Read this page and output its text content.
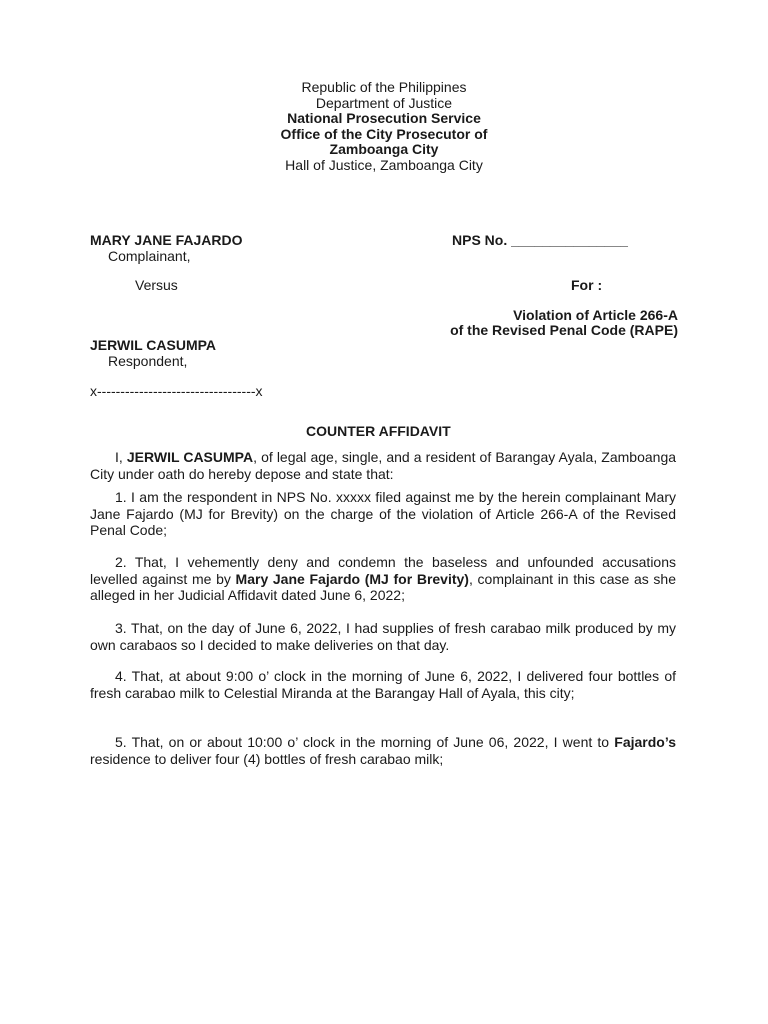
Republic of the Philippines
Department of Justice
National Prosecution Service
Office of the City Prosecutor of
Zamboanga City
Hall of Justice, Zamboanga City
MARY JANE FAJARDO
Complainant,
Versus
JERWIL CASUMPA
Respondent,
x----------------------------------x
NPS No. _______________
For :
Violation of Article 266-A
of the Revised Penal Code (RAPE)
COUNTER AFFIDAVIT
I, JERWIL CASUMPA, of legal age, single, and a resident of Barangay Ayala, Zamboanga City under oath do hereby depose and state that:
1. I am the respondent in NPS No. xxxxx filed against me by the herein complainant Mary Jane Fajardo (MJ for Brevity) on the charge of the violation of Article 266-A of the Revised Penal Code;
2. That, I vehemently deny and condemn the baseless and unfounded accusations levelled against me by Mary Jane Fajardo (MJ for Brevity), complainant in this case as she alleged in her Judicial Affidavit dated June 6, 2022;
3. That, on the day of June 6, 2022, I had supplies of fresh carabao milk produced by my own carabaos so I decided to make deliveries on that day.
4. That, at about 9:00 o’ clock in the morning of June 6, 2022, I delivered four bottles of fresh carabao milk to Celestial Miranda at the Barangay Hall of Ayala, this city;
5. That, on or about 10:00 o’ clock in the morning of June 06, 2022, I went to Fajardo’s residence to deliver four (4) bottles of fresh carabao milk;
